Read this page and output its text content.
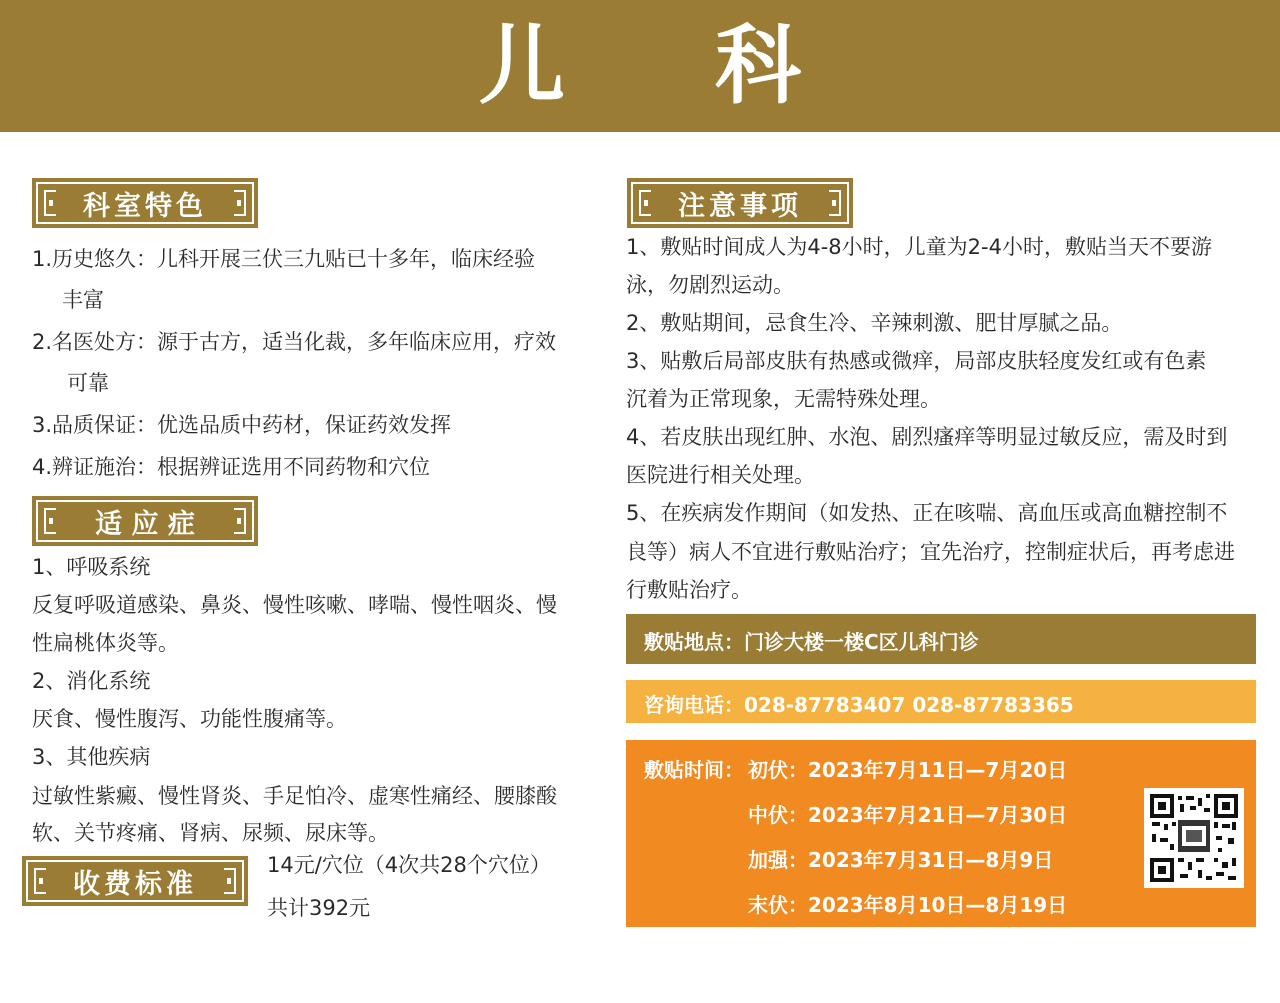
儿 科
科室特色
1.历史悠久：儿科开展三伏三九贴已十多年，临床经验
丰富
2.名医处方：源于古方，适当化裁，多年临床应用，疗效
可靠
3.品质保证：优选品质中药材，保证药效发挥
4.辨证施治：根据辨证选用不同药物和穴位
适 应 症
1、呼吸系统
反复呼吸道感染、鼻炎、慢性咳嗽、哮喘、慢性咽炎、慢
性扁桃体炎等。
2、消化系统
厌食、慢性腹泻、功能性腹痛等。
3、其他疾病
过敏性紫癜、慢性肾炎、手足怕冷、虚寒性痛经、腰膝酸
软、关节疼痛、肾病、尿频、尿床等。
收费标准
14元/穴位（4次共28个穴位）
共计392元
注意事项
1、敷贴时间成人为4-8小时，儿童为2-4小时，敷贴当天不要游
泳，勿剧烈运动。
2、敷贴期间，忌食生冷、辛辣刺激、肥甘厚腻之品。
3、贴敷后局部皮肤有热感或微痒，局部皮肤轻度发红或有色素
沉着为正常现象，无需特殊处理。
4、若皮肤出现红肿、水泡、剧烈瘙痒等明显过敏反应，需及时到
医院进行相关处理。
5、在疾病发作期间（如发热、正在咳喘、高血压或高血糖控制不
良等）病人不宜进行敷贴治疗；宜先治疗，控制症状后，再考虑进
行敷贴治疗。
敷贴地点：门诊大楼一楼C区儿科门诊
咨询电话：028-87783407 028-87783365
敷贴时间： 初伏：2023年7月11日—7月20日
中伏：2023年7月21日—7月30日
加强：2023年7月31日—8月9日
末伏：2023年8月10日—8月19日
